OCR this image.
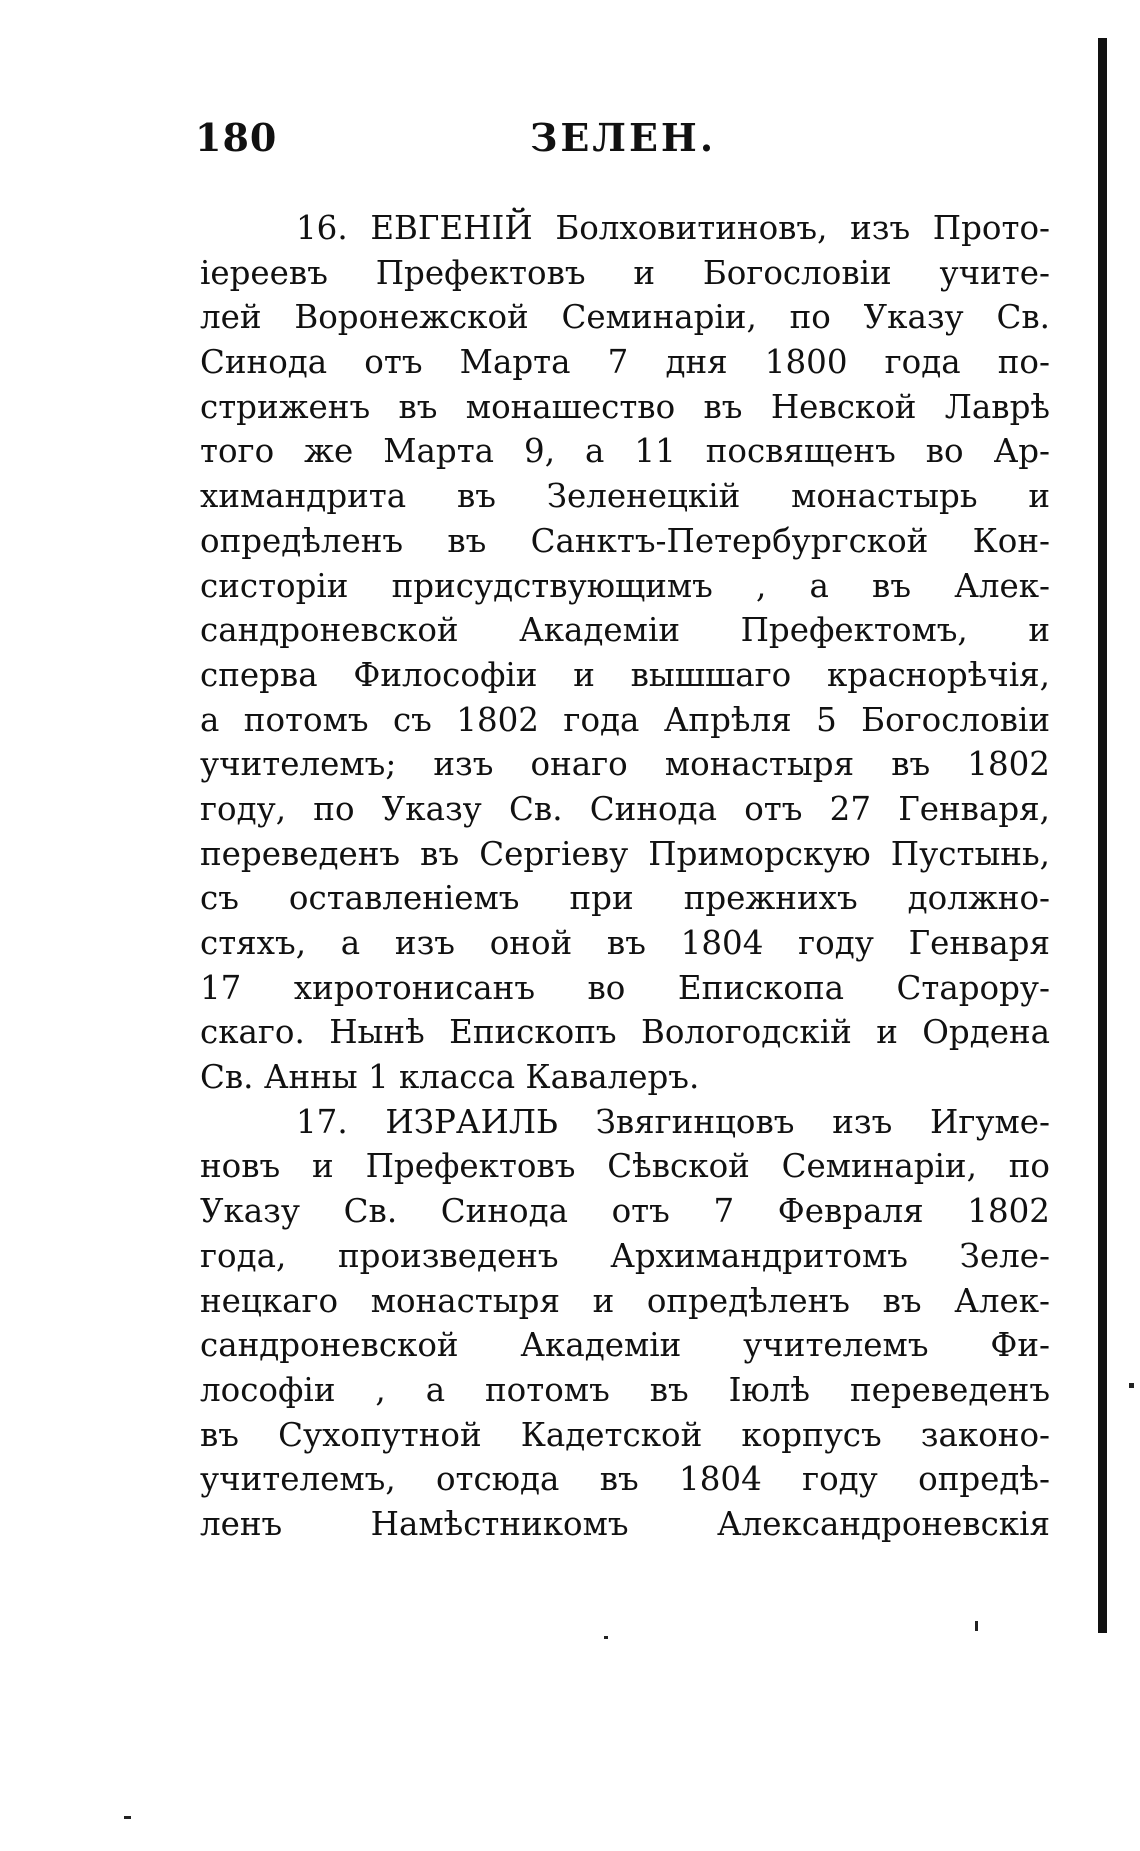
180	ЗЕЛЕН.
16. ЕВГЕНІЙ Болховитиновъ, изъ Прото-
іереевъ Префектовъ и Богословіи учите-
лей Воронежской Семинаріи, по Указу Св.
Синода отъ Марта 7 дня 1800 года по-
стриженъ въ монашество въ Невской Лаврѣ
того же Марта 9, а 11 посвященъ во Ар-
химандрита въ Зеленецкій монастырь и
опредѣленъ въ Санктъ-Петербургской Кон-
систоріи присудствующимъ , а въ Алек-
сандроневской Академіи Префектомъ, и
сперва Философіи и вышшаго краснорѣчія,
а потомъ съ 1802 года Апрѣля 5 Богословіи
учителемъ; изъ онаго монастыря въ 1802
году, по Указу Св. Синода отъ 27 Генваря,
переведенъ въ Сергіеву Приморскую Пустынь,
съ оставленіемъ при прежнихъ должно-
стяхъ, а изъ оной въ 1804 году Генваря
17 хиротонисанъ во Епископа Старору-
скаго. Нынѣ Епископъ Вологодскій и Ордена
Св. Анны 1 класса Кавалеръ.
17. ИЗРАИЛЬ Звягинцовъ изъ Игуме-
новъ и Префектовъ Сѣвской Семинаріи, по
Указу Св. Синода отъ 7 Февраля 1802
года, произведенъ Архимандритомъ Зеле-
нецкаго монастыря и опредѣленъ въ Алек-
сандроневской Академіи учителемъ Фи-
лософіи , а потомъ въ Іюлѣ переведенъ
въ Сухопутной Кадетской корпусъ законо-
учителемъ, отсюда въ 1804 году опредѣ-
ленъ Намѣстникомъ Александроневскія
